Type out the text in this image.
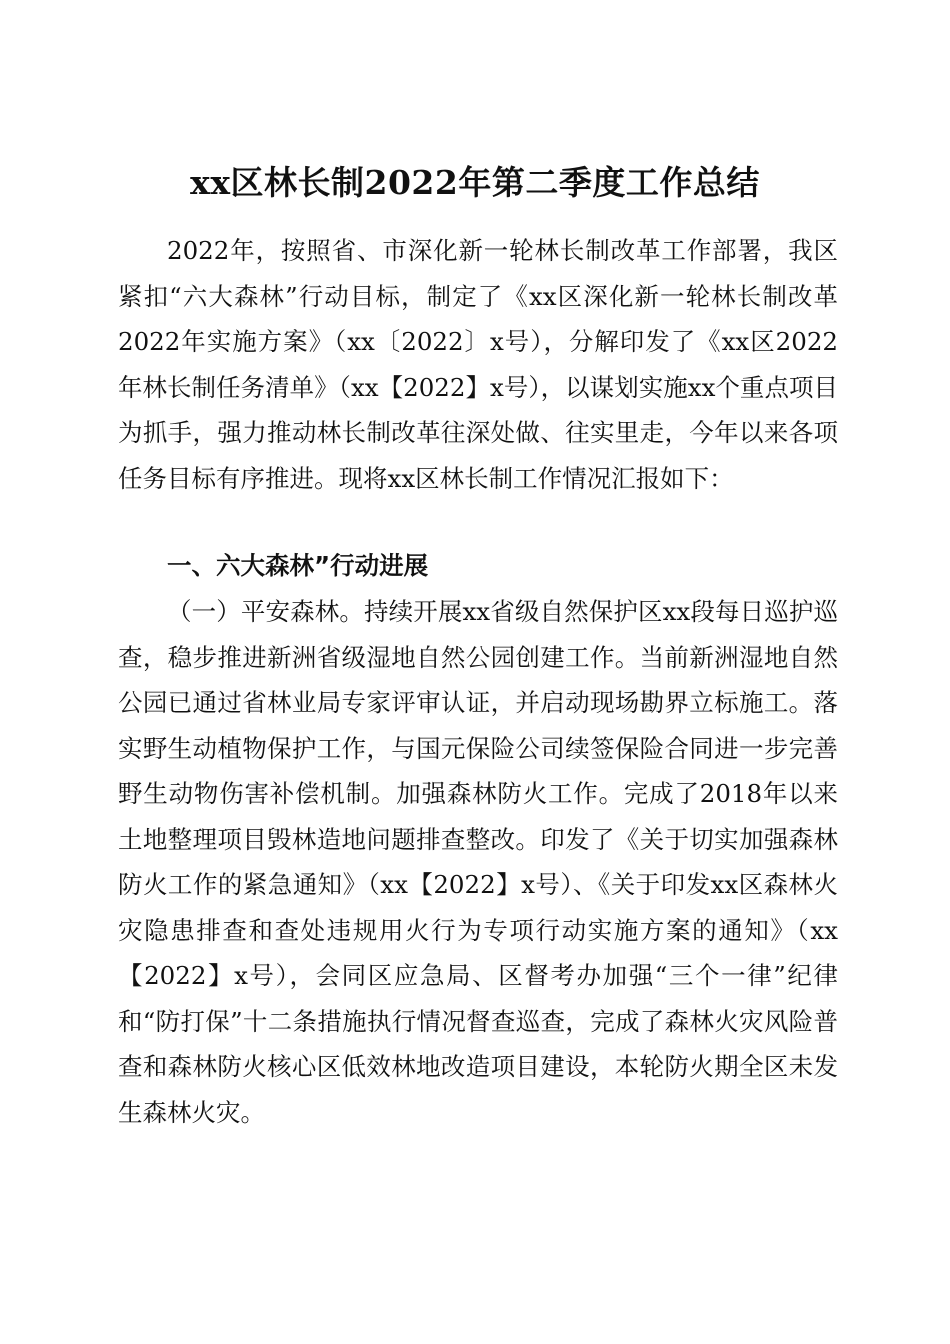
xx区林长制2022年第二季度工作总结

2022年，按照省、市深化新一轮林长制改革工作部署，我区紧扣“六大森林”行动目标，制定了《xx区深化新一轮林长制改革2022年实施方案》（xx〔2022〕x号），分解印发了《xx区2022年林长制任务清单》（xx【2022】x号），以谋划实施xx个重点项目为抓手，强力推动林长制改革往深处做、往实里走，今年以来各项任务目标有序推进。现将xx区林长制工作情况汇报如下：

一、六大森林”行动进展

（一）平安森林。持续开展xx省级自然保护区xx段每日巡护巡查，稳步推进新洲省级湿地自然公园创建工作。当前新洲湿地自然公园已通过省林业局专家评审认证，并启动现场勘界立标施工。落实野生动植物保护工作，与国元保险公司续签保险合同进一步完善野生动物伤害补偿机制。加强森林防火工作。完成了2018年以来土地整理项目毁林造地问题排查整改。印发了《关于切实加强森林防火工作的紧急通知》（xx【2022】x号）、《关于印发xx区森林火灾隐患排查和查处违规用火行为专项行动实施方案的通知》（xx【2022】x号），会同区应急局、区督考办加强“三个一律”纪律和“防打保”十二条措施执行情况督查巡查，完成了森林火灾风险普查和森林防火核心区低效林地改造项目建设，本轮防火期全区未发生森林火灾。
